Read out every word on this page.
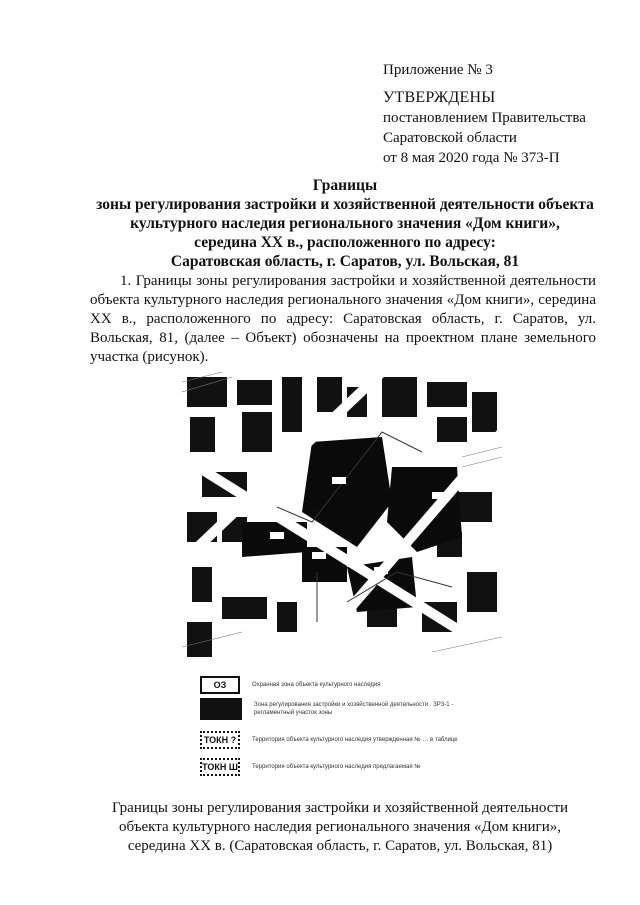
Приложение № 3
УТВЕРЖДЕНЫ
постановлением Правительства
Саратовской области
от 8 мая 2020 года № 373-П
Границы
зоны регулирования застройки и хозяйственной деятельности объекта
культурного наследия регионального значения «Дом книги»,
середина XX в., расположенного по адресу:
Саратовская область, г. Саратов, ул. Вольская, 81
1. Границы зоны регулирования застройки и хозяйственной деятельности объекта культурного наследия регионального значения «Дом книги», середина XX в., расположенного по адресу: Саратовская область, г. Саратов, ул. Вольская, 81, (далее – Объект) обозначены на проектном плане земельного участка (рисунок).
ОЗ	Охранная зона объекта культурного наследия
Зона регулирования застройки и хозяйственной деятельности . ЗРЗ-1 - регламентный участок зоны
ТОКН ?	Территория объекта культурного наследия утвержденная № … в таблице
ТОКН Ш	Территория объекта культурного наследия предлагаемая №
Границы зоны регулирования застройки и хозяйственной деятельности
объекта культурного наследия регионального значения «Дом книги»,
середина XX в. (Саратовская область, г. Саратов, ул. Вольская, 81)
